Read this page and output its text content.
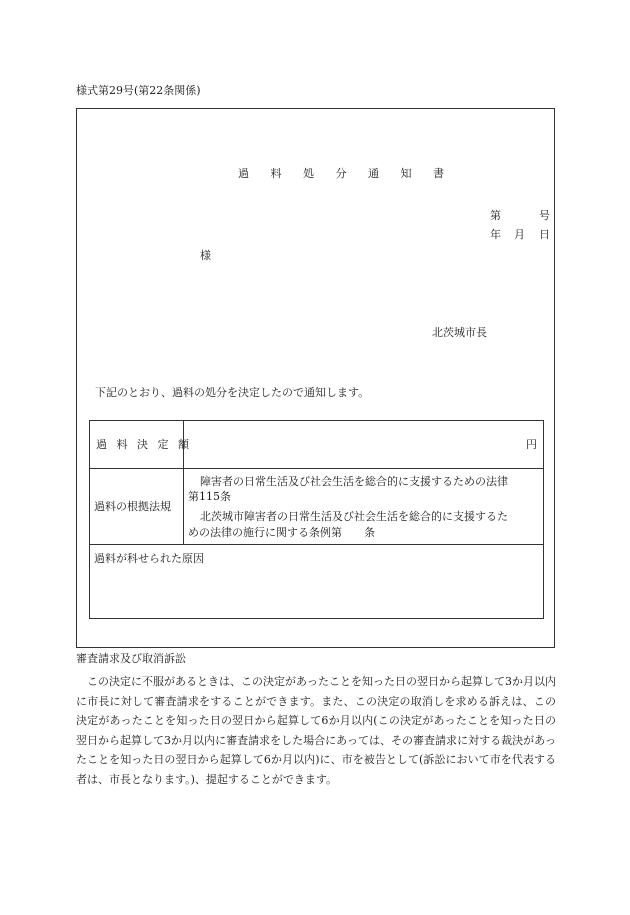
様式第29号(第22条関係)
過 料 処 分 通 知 書
第	号
年 月 日
様
北茨城市長
下記のとおり、過料の処分を決定したので通知します。
過 料 決 定 額	円
過料の根拠法規
障害者の日常生活及び社会生活を総合的に支援するための法律
第115条
北茨城市障害者の日常生活及び社会生活を総合的に支援するた
めの法律の施行に関する条例第　　条
過料が科せられた原因
審査請求及び取消訴訟

この決定に不服があるときは、この決定があったことを知った日の翌日から起算して3か月以内に市長に対して審査請求をすることができます。また、この決定の取消しを求める訴えは、この決定があったことを知った日の翌日から起算して6か月以内(この決定があったことを知った日の翌日から起算して3か月以内に審査請求をした場合にあっては、その審査請求に対する裁決があったことを知った日の翌日から起算して6か月以内)に、市を被告として(訴訟において市を代表する者は、市長となります。)、提起することができます。
